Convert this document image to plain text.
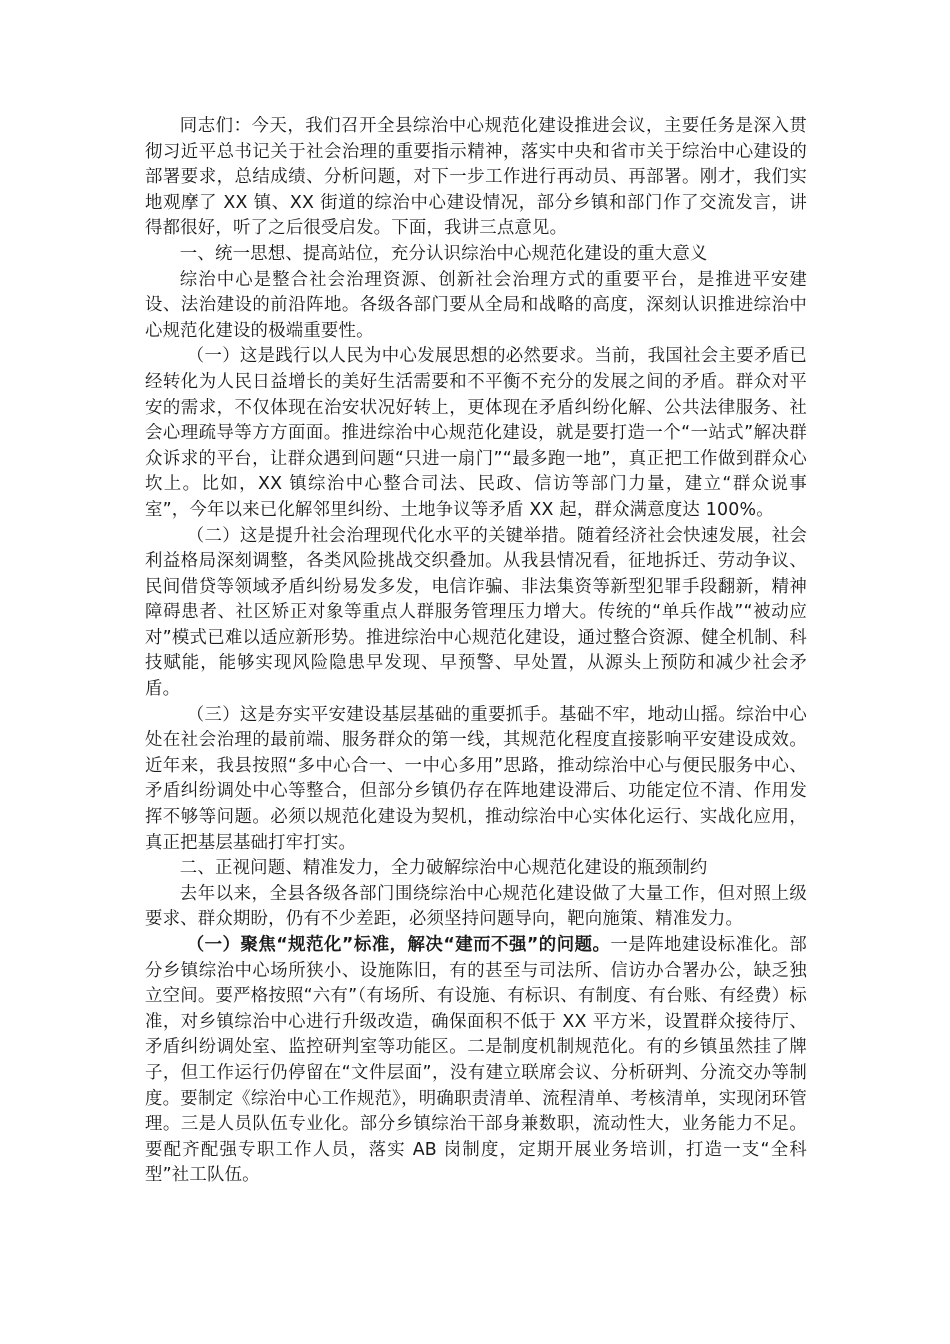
同志们：今天，我们召开全县综治中心规范化建设推进会议，主要任务是深入贯彻习近平总书记关于社会治理的重要指示精神，落实中央和省市关于综治中心建设的部署要求，总结成绩、分析问题，对下一步工作进行再动员、再部署。刚才，我们实地观摩了 XX 镇、XX 街道的综治中心建设情况，部分乡镇和部门作了交流发言，讲得都很好，听了之后很受启发。下面，我讲三点意见。

一、统一思想、提高站位，充分认识综治中心规范化建设的重大意义

综治中心是整合社会治理资源、创新社会治理方式的重要平台，是推进平安建设、法治建设的前沿阵地。各级各部门要从全局和战略的高度，深刻认识推进综治中心规范化建设的极端重要性。

（一）这是践行以人民为中心发展思想的必然要求。当前，我国社会主要矛盾已经转化为人民日益增长的美好生活需要和不平衡不充分的发展之间的矛盾。群众对平安的需求，不仅体现在治安状况好转上，更体现在矛盾纠纷化解、公共法律服务、社会心理疏导等方方面面。推进综治中心规范化建设，就是要打造一个“一站式”解决群众诉求的平台，让群众遇到问题“只进一扇门”“最多跑一地”，真正把工作做到群众心坎上。比如，XX 镇综治中心整合司法、民政、信访等部门力量，建立“群众说事室”，今年以来已化解邻里纠纷、土地争议等矛盾 XX 起，群众满意度达 100%。

（二）这是提升社会治理现代化水平的关键举措。随着经济社会快速发展，社会利益格局深刻调整，各类风险挑战交织叠加。从我县情况看，征地拆迁、劳动争议、民间借贷等领域矛盾纠纷易发多发，电信诈骗、非法集资等新型犯罪手段翻新，精神障碍患者、社区矫正对象等重点人群服务管理压力增大。传统的“单兵作战”“被动应对”模式已难以适应新形势。推进综治中心规范化建设，通过整合资源、健全机制、科技赋能，能够实现风险隐患早发现、早预警、早处置，从源头上预防和减少社会矛盾。

（三）这是夯实平安建设基层基础的重要抓手。基础不牢，地动山摇。综治中心处在社会治理的最前端、服务群众的第一线，其规范化程度直接影响平安建设成效。近年来，我县按照“多中心合一、一中心多用”思路，推动综治中心与便民服务中心、矛盾纠纷调处中心等整合，但部分乡镇仍存在阵地建设滞后、功能定位不清、作用发挥不够等问题。必须以规范化建设为契机，推动综治中心实体化运行、实战化应用，真正把基层基础打牢打实。

二、正视问题、精准发力，全力破解综治中心规范化建设的瓶颈制约

去年以来，全县各级各部门围绕综治中心规范化建设做了大量工作，但对照上级要求、群众期盼，仍有不少差距，必须坚持问题导向，靶向施策、精准发力。

（一）聚焦“规范化”标准，解决“建而不强”的问题。一是阵地建设标准化。部分乡镇综治中心场所狭小、设施陈旧，有的甚至与司法所、信访办合署办公，缺乏独立空间。要严格按照“六有”（有场所、有设施、有标识、有制度、有台账、有经费）标准，对乡镇综治中心进行升级改造，确保面积不低于 XX 平方米，设置群众接待厅、矛盾纠纷调处室、监控研判室等功能区。二是制度机制规范化。有的乡镇虽然挂了牌子，但工作运行仍停留在“文件层面”，没有建立联席会议、分析研判、分流交办等制度。要制定《综治中心工作规范》，明确职责清单、流程清单、考核清单，实现闭环管理。三是人员队伍专业化。部分乡镇综治干部身兼数职，流动性大，业务能力不足。要配齐配强专职工作人员，落实 AB 岗制度，定期开展业务培训，打造一支“全科型”社工队伍。
